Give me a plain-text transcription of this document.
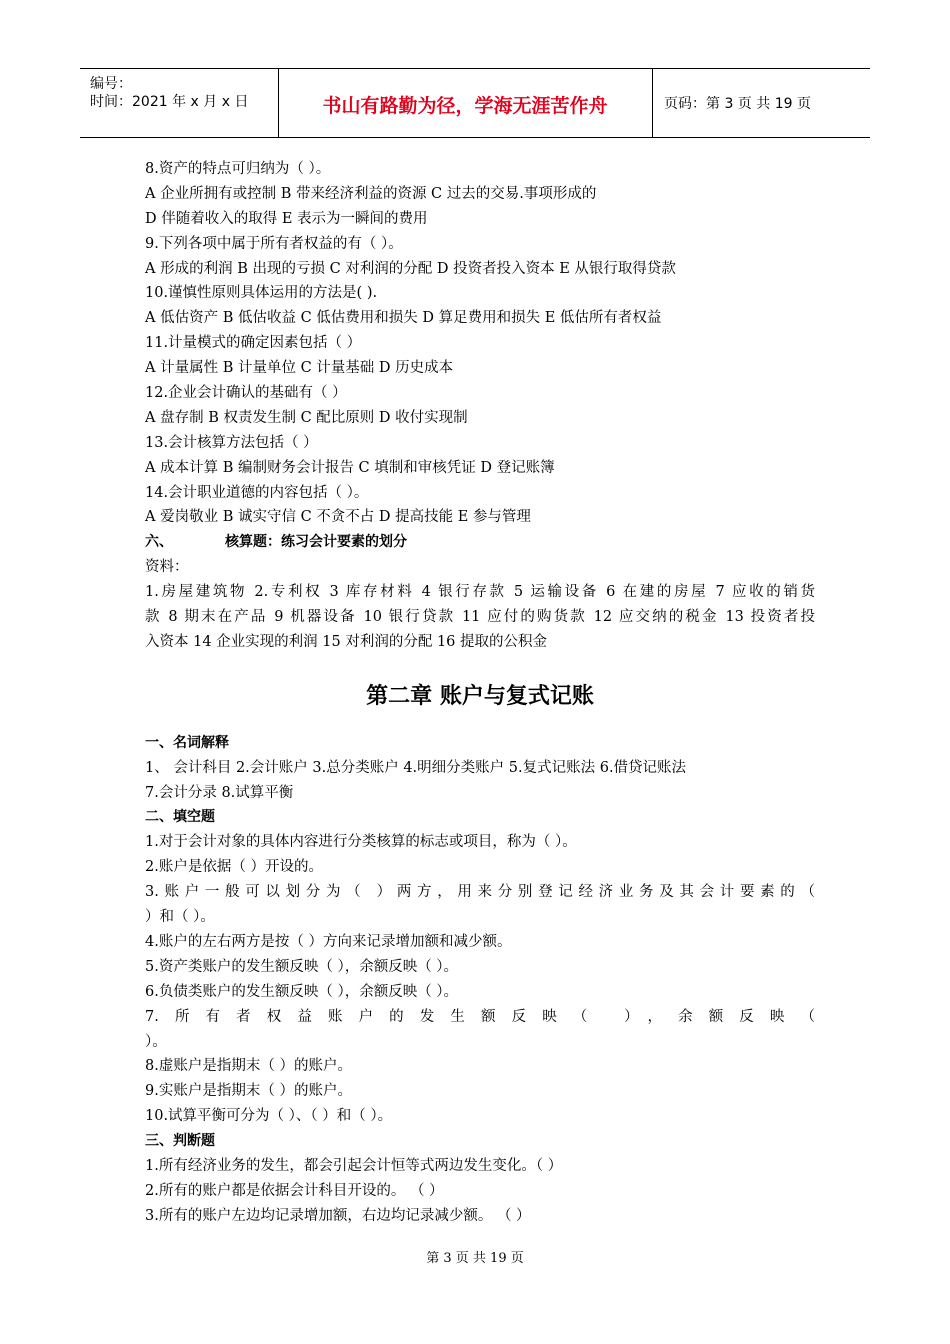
编号：
时间：2021 年 x 月 x 日	书山有路勤为径，学海无涯苦作舟	页码：第 3 页 共 19 页
8.资产的特点可归纳为（ ）。
A 企业所拥有或控制 B 带来经济利益的资源 C 过去的交易.事项形成的
D 伴随着收入的取得 E 表示为一瞬间的费用
9.下列各项中属于所有者权益的有（ ）。
A 形成的利润 B 出现的亏损 C 对利润的分配 D 投资者投入资本 E 从银行取得贷款
10.谨慎性原则具体运用的方法是( ).
A 低估资产 B 低估收益 C 低估费用和损失 D 算足费用和损失 E 低估所有者权益
11.计量模式的确定因素包括（ ）
A 计量属性 B 计量单位 C 计量基础 D 历史成本
12.企业会计确认的基础有（ ）
A 盘存制 B 权责发生制 C 配比原则 D 收付实现制
13.会计核算方法包括（ ）
A 成本计算 B 编制财务会计报告 C 填制和审核凭证 D 登记账簿
14.会计职业道德的内容包括（ ）。
A 爱岗敬业 B 诚实守信 C 不贪不占 D 提高技能 E 参与管理
六、	核算题：练习会计要素的划分
资料：
1.房屋建筑物 2.专利权 3 库存材料 4 银行存款 5 运输设备 6 在建的房屋 7 应收的销货
款 8 期末在产品 9 机器设备 10 银行贷款 11 应付的购货款 12 应交纳的税金 13 投资者投
入资本 14 企业实现的利润 15 对利润的分配 16 提取的公积金
第二章 账户与复式记账
一、名词解释
1、 会计科目 2.会计账户 3.总分类账户 4.明细分类账户 5.复式记账法 6.借贷记账法
7.会计分录 8.试算平衡
二、填空题
1.对于会计对象的具体内容进行分类核算的标志或项目，称为（ ）。
2.账户是依据（ ）开设的。
3.账户一般可以划分为（ ）两方，用来分别登记经济业务及其会计要素的（
）和（ ）。
4.账户的左右两方是按（ ）方向来记录增加额和减少额。
5.资产类账户的发生额反映（ ），余额反映（ ）。
6.负债类账户的发生额反映（ ），余额反映（ ）。
7.所有者权益账户的发生额反映（ ），余额反映（
）。
8.虚账户是指期末（ ）的账户。
9.实账户是指期末（ ）的账户。
10.试算平衡可分为（ ）、（ ）和（ ）。
三、判断题
1.所有经济业务的发生，都会引起会计恒等式两边发生变化。（ ）
2.所有的账户都是依据会计科目开设的。 （ ）
3.所有的账户左边均记录增加额，右边均记录减少额。 （ ）
第 3 页 共 19 页
